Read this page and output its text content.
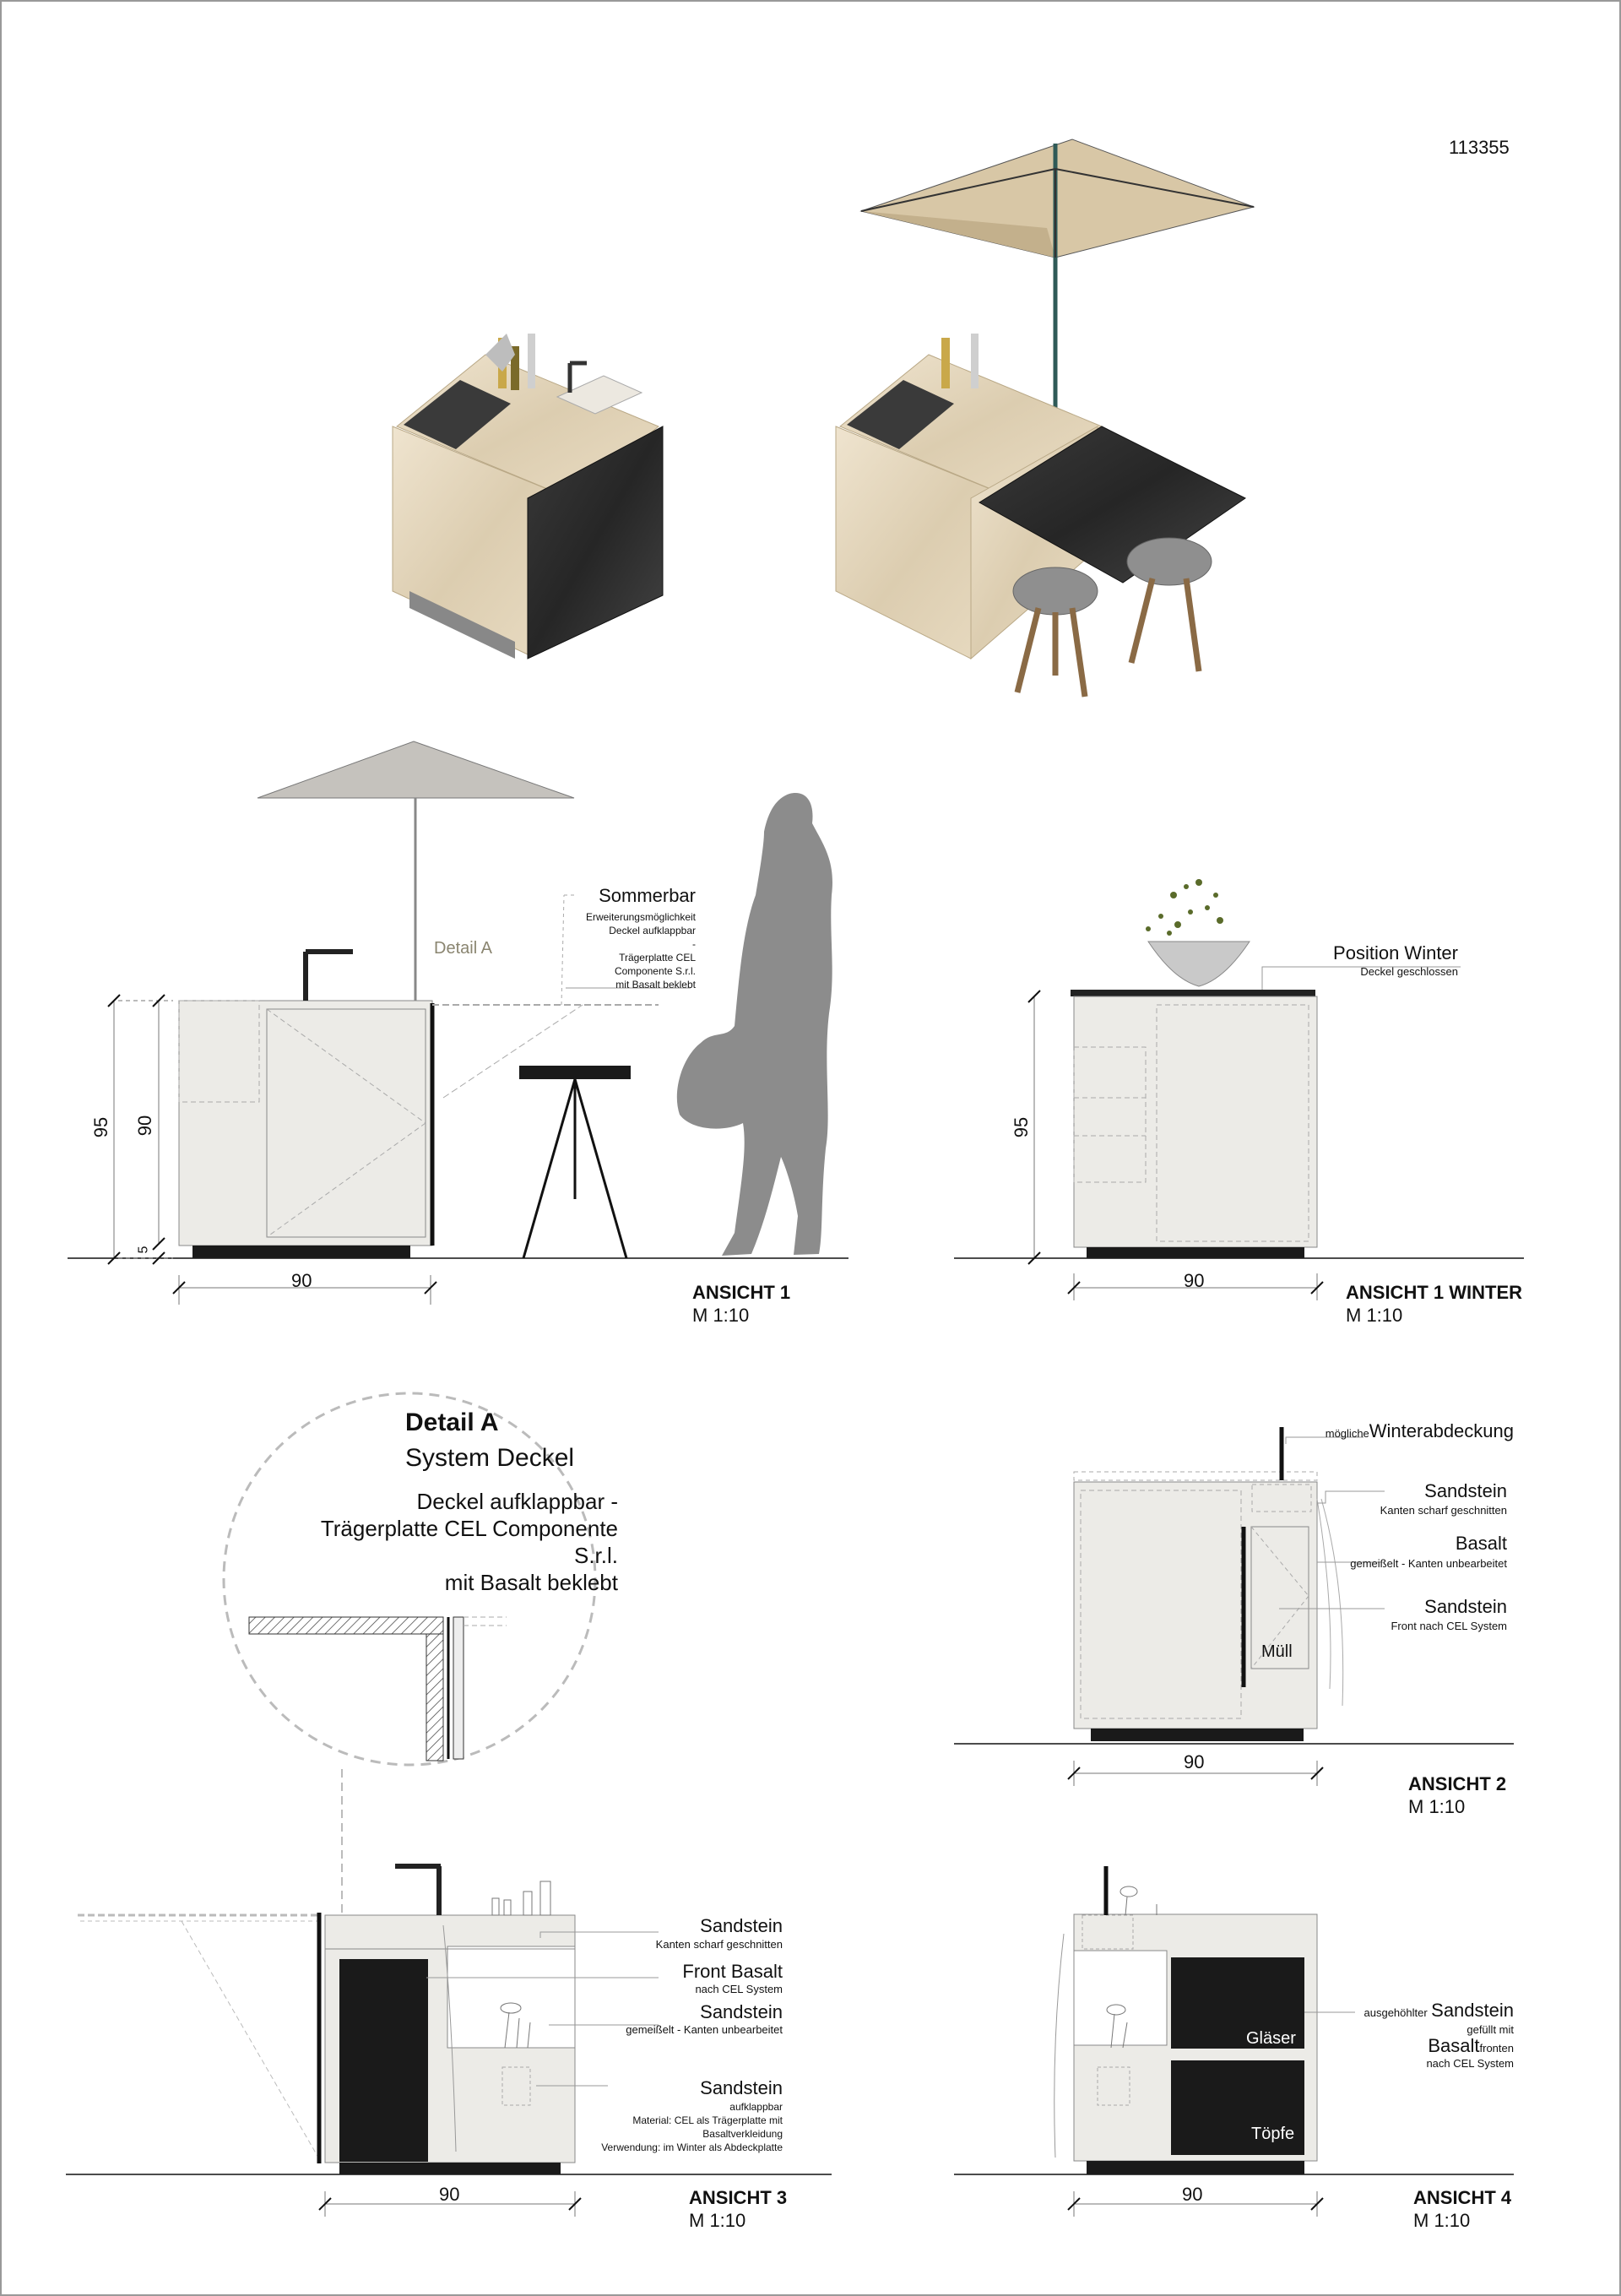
113355
Sommerbar
Erweiterungsmöglichkeit
Deckel aufklappbar
-
Trägerplatte CEL
Componente S.r.l.
mit Basalt beklebt
Detail A
95 90
5
90
ANSICHT 1
M 1:10
Position Winter
Deckel geschlossen
95
90
ANSICHT 1 WINTER
M 1:10
Detail A
System Deckel
Deckel aufklappbar -
Trägerplatte CEL Componente
S.r.l.
mit Basalt beklebt
möglicheWinterabdeckung
Sandstein
Kanten scharf geschnitten
Basalt
gemeißelt - Kanten unbearbeitet
Sandstein
Front nach CEL System
Müll
90
ANSICHT 2
M 1:10
Sandstein
Kanten scharf geschnitten
Front Basalt
nach CEL System
Sandstein
gemeißelt - Kanten unbearbeitet
Sandstein
aufklappbar
Material: CEL als Trägerplatte mit
Basaltverkleidung
Verwendung: im Winter als Abdeckplatte
90	ANSICHT 3
M 1:10
ausgehöhlter Sandstein
gefüllt mit
Basaltfronten
nach CEL System
Gläser
Töpfe
90	ANSICHT 4
M 1:10
